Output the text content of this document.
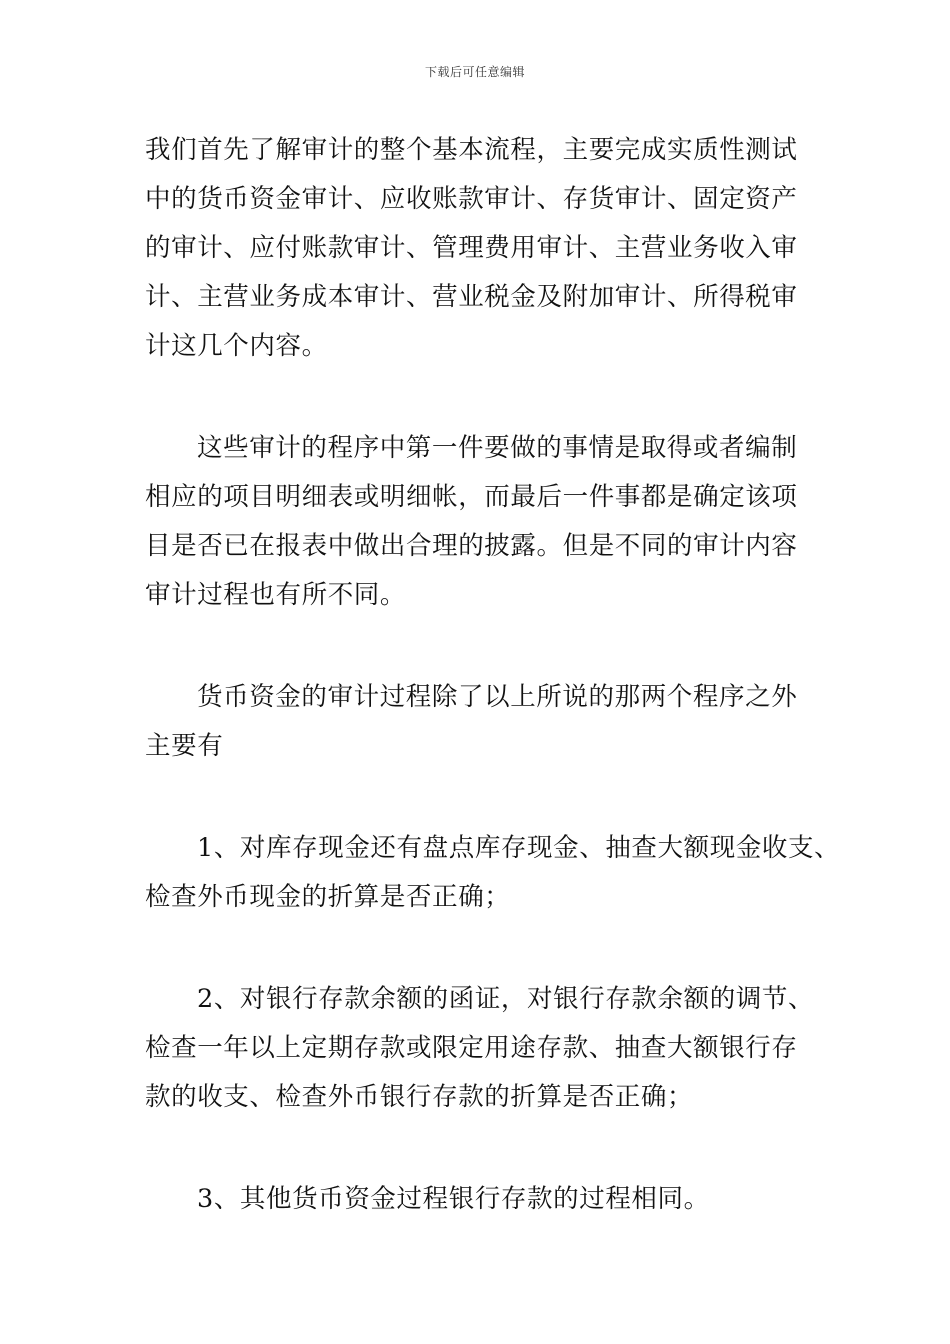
下载后可任意编辑
我们首先了解审计的整个基本流程，主要完成实质性测试
中的货币资金审计、应收账款审计、存货审计、固定资产
的审计、应付账款审计、管理费用审计、主营业务收入审
计、主营业务成本审计、营业税金及附加审计、所得税审
计这几个内容。
这些审计的程序中第一件要做的事情是取得或者编制
相应的项目明细表或明细帐，而最后一件事都是确定该项
目是否已在报表中做出合理的披露。但是不同的审计内容
审计过程也有所不同。
货币资金的审计过程除了以上所说的那两个程序之外
主要有
1、对库存现金还有盘点库存现金、抽查大额现金收支、
检查外币现金的折算是否正确；
2、对银行存款余额的函证，对银行存款余额的调节、
检查一年以上定期存款或限定用途存款、抽查大额银行存
款的收支、检查外币银行存款的折算是否正确；
3、其他货币资金过程银行存款的过程相同。
